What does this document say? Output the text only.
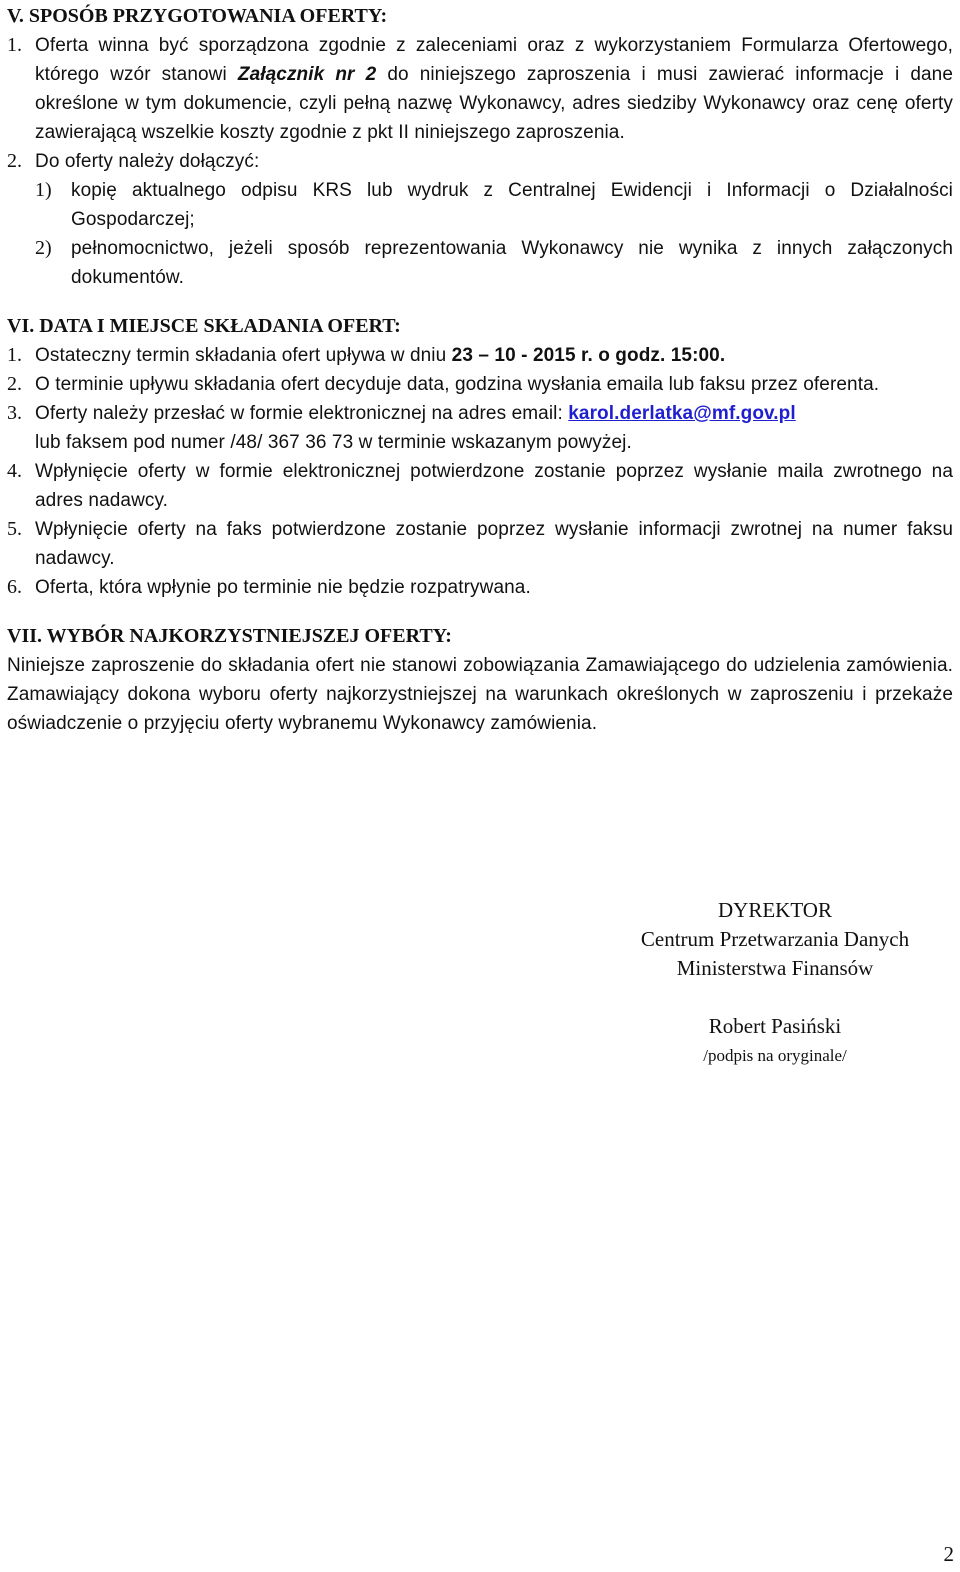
V. SPOSÓB PRZYGOTOWANIA OFERTY:

1. Oferta winna być sporządzona zgodnie z zaleceniami oraz z wykorzystaniem Formularza Ofertowego, którego wzór stanowi Załącznik nr 2 do niniejszego zaproszenia i musi zawierać informacje i dane określone w tym dokumencie, czyli pełną nazwę Wykonawcy, adres siedziby Wykonawcy oraz cenę oferty zawierającą wszelkie koszty zgodnie z pkt II niniejszego zaproszenia.
2. Do oferty należy dołączyć:
1)	kopię aktualnego odpisu KRS lub wydruk z Centralnej Ewidencji i Informacji o Działalności Gospodarczej;
2)	pełnomocnictwo, jeżeli sposób reprezentowania Wykonawcy nie wynika z innych załączonych dokumentów.

VI. DATA I MIEJSCE SKŁADANIA OFERT:

1. Ostateczny termin składania ofert upływa w dniu 23 – 10 - 2015 r. o godz. 15:00.
2. O terminie upływu składania ofert decyduje data, godzina wysłania emaila lub faksu przez oferenta.
3. Oferty należy przesłać w formie elektronicznej na adres email: karol.derlatka@mf.gov.pl
lub faksem pod numer /48/ 367 36 73 w terminie wskazanym powyżej.
4. Wpłynięcie oferty w formie elektronicznej potwierdzone zostanie poprzez wysłanie maila zwrotnego na adres nadawcy.
5. Wpłynięcie oferty na faks potwierdzone zostanie poprzez wysłanie informacji zwrotnej na numer faksu nadawcy.
6. Oferta, która wpłynie po terminie nie będzie rozpatrywana.

VII. WYBÓR NAJKORZYSTNIEJSZEJ OFERTY:

Niniejsze zaproszenie do składania ofert nie stanowi zobowiązania Zamawiającego do udzielenia zamówienia. Zamawiający dokona wyboru oferty najkorzystniejszej na warunkach określonych w zaproszeniu i przekaże oświadczenie o przyjęciu oferty wybranemu Wykonawcy zamówienia.

DYREKTOR
Centrum Przetwarzania Danych
Ministerstwa Finansów
Robert Pasiński
/podpis na oryginale/
2
